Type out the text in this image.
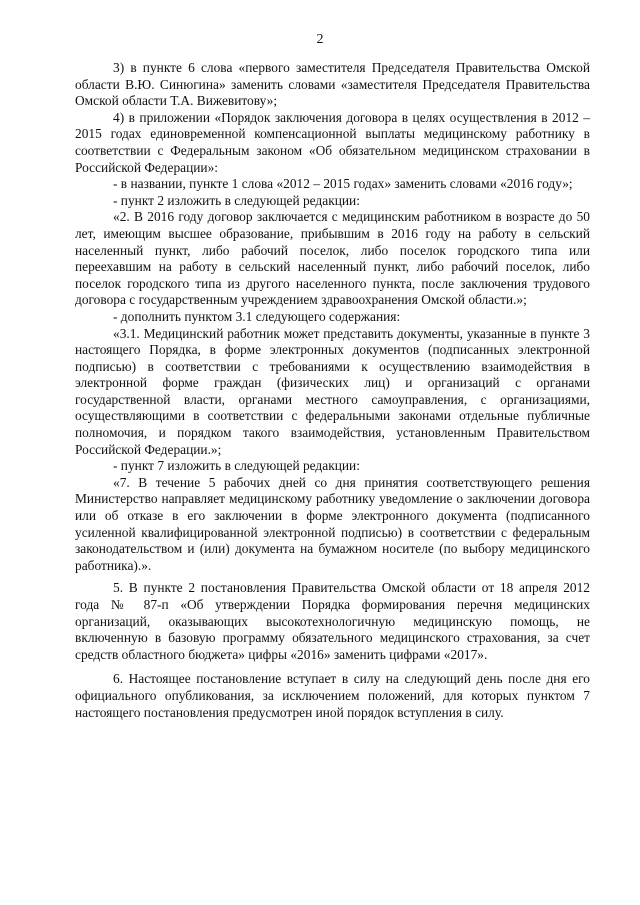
2

3) в пункте 6 слова «первого заместителя Председателя Правительства Омской области В.Ю. Синюгина» заменить словами «заместителя Председателя Правительства Омской области Т.А. Вижевитову»;

4) в приложении «Порядок заключения договора в целях осуществления в 2012 – 2015 годах единовременной компенсационной выплаты медицинскому работнику в соответствии с Федеральным законом «Об обязательном медицинском страховании в Российской Федерации»:

- в названии, пункте 1 слова «2012 – 2015 годах» заменить словами «2016 году»;

- пункт 2 изложить в следующей редакции:

«2. В 2016 году договор заключается с медицинским работником в возрасте до 50 лет, имеющим высшее образование, прибывшим в 2016 году на работу в сельский населенный пункт, либо рабочий поселок, либо поселок городского типа или переехавшим на работу в сельский населенный пункт, либо рабочий поселок, либо поселок городского типа из другого населенного пункта, после заключения трудового договора с государственным учреждением здравоохранения Омской области.»;

- дополнить пунктом 3.1 следующего содержания:

«3.1. Медицинский работник может представить документы, указанные в пункте 3 настоящего Порядка, в форме электронных документов (подписанных электронной подписью) в соответствии с требованиями к осуществлению взаимодействия в электронной форме граждан (физических лиц) и организаций с органами государственной власти, органами местного самоуправления, с организациями, осуществляющими в соответствии с федеральными законами отдельные публичные полномочия, и порядком такого взаимодействия, установленным Правительством Российской Федерации.»;

- пункт 7 изложить в следующей редакции:

«7. В течение 5 рабочих дней со дня принятия соответствующего решения Министерство направляет медицинскому работнику уведомление о заключении договора или об отказе в его заключении в форме электронного документа (подписанного усиленной квалифицированной электронной подписью) в соответствии с федеральным законодательством и (или) документа на бумажном носителе (по выбору медицинского работника).».

5. В пункте 2 постановления Правительства Омской области от 18 апреля 2012 года № 87-п «Об утверждении Порядка формирования перечня медицинских организаций, оказывающих высокотехнологичную медицинскую помощь, не включенную в базовую программу обязательного медицинского страхования, за счет средств областного бюджета» цифры «2016» заменить цифрами «2017».

6. Настоящее постановление вступает в силу на следующий день после дня его официального опубликования, за исключением положений, для которых пунктом 7 настоящего постановления предусмотрен иной порядок вступления в силу.
